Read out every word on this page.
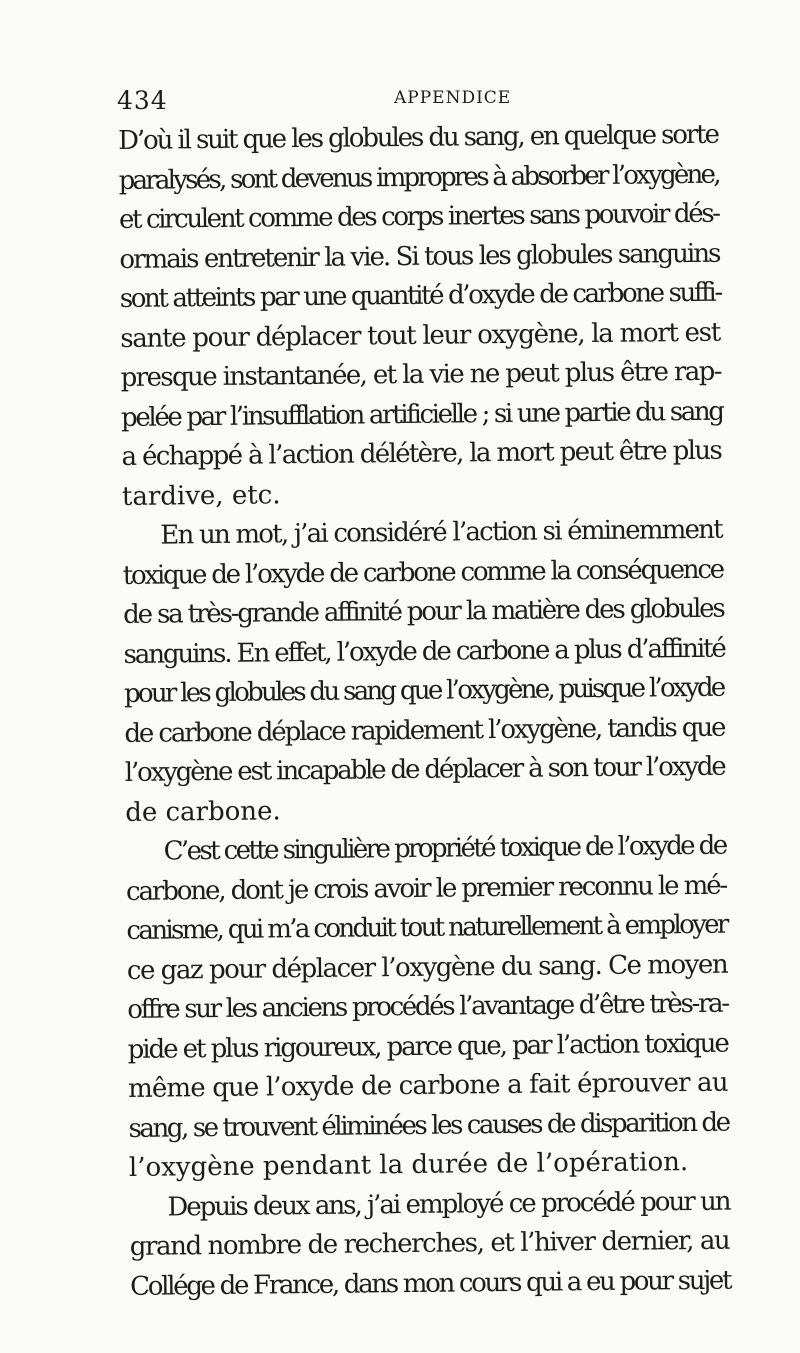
434	APPENDICE
D’où il suit que les globules du sang, en quelque sorte
paralysés, sont devenus impropres à absorber l’oxygène,
et circulent comme des corps inertes sans pouvoir dés-
ormais entretenir la vie. Si tous les globules sanguins
sont atteints par une quantité d’oxyde de carbone suffi-
sante pour déplacer tout leur oxygène, la mort est
presque instantanée, et la vie ne peut plus être rap-
pelée par l’insufflation artificielle ; si une partie du sang
a échappé à l’action délétère, la mort peut être plus
tardive, etc.
En un mot, j’ai considéré l’action si éminemment
toxique de l’oxyde de carbone comme la conséquence
de sa très-grande affinité pour la matière des globules
sanguins. En effet, l’oxyde de carbone a plus d’affinité
pour les globules du sang que l’oxygène, puisque l’oxyde
de carbone déplace rapidement l’oxygène, tandis que
l’oxygène est incapable de déplacer à son tour l’oxyde
de carbone.
C’est cette singulière propriété toxique de l’oxyde de
carbone, dont je crois avoir le premier reconnu le mé-
canisme, qui m’a conduit tout naturellement à employer
ce gaz pour déplacer l’oxygène du sang. Ce moyen
offre sur les anciens procédés l’avantage d’être très-ra-
pide et plus rigoureux, parce que, par l’action toxique
même que l’oxyde de carbone a fait éprouver au
sang, se trouvent éliminées les causes de disparition de
l’oxygène pendant la durée de l’opération.
Depuis deux ans, j’ai employé ce procédé pour un
grand nombre de recherches, et l’hiver dernier, au
Collége de France, dans mon cours qui a eu pour sujet
